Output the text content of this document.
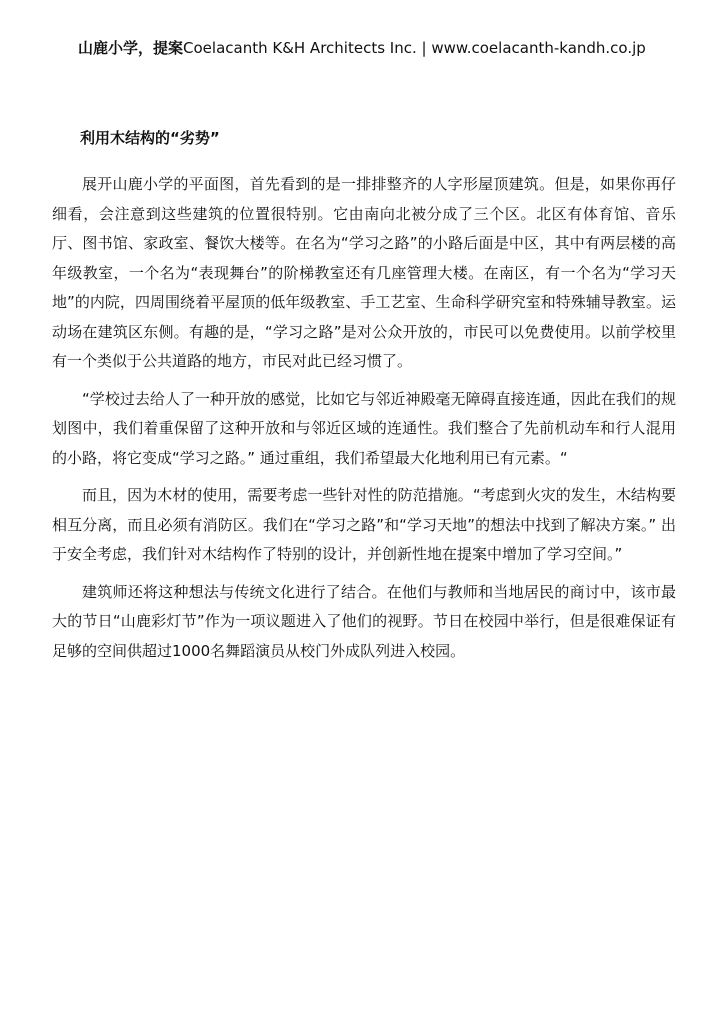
山鹿小学，提案Coelacanth K&H Architects Inc. | www.coelacanth-kandh.co.jp
利用木结构的“劣势”

展开山鹿小学的平面图，首先看到的是一排排整齐的人字形屋顶建筑。但是，如果你再仔细看，会注意到这些建筑的位置很特别。它由南向北被分成了三个区。北区有体育馆、音乐厅、图书馆、家政室、餐饮大楼等。在名为“学习之路”的小路后面是中区，其中有两层楼的高年级教室，一个名为“表现舞台”的阶梯教室还有几座管理大楼。在南区，有一个名为“学习天地”的内院，四周围绕着平屋顶的低年级教室、手工艺室、生命科学研究室和特殊辅导教室。运动场在建筑区东侧。有趣的是，“学习之路”是对公众开放的，市民可以免费使用。以前学校里有一个类似于公共道路的地方，市民对此已经习惯了。

“学校过去给人了一种开放的感觉，比如它与邻近神殿毫无障碍直接连通，因此在我们的规划图中，我们着重保留了这种开放和与邻近区域的连通性。我们整合了先前机动车和行人混用的小路，将它变成“学习之路。” 通过重组，我们希望最大化地利用已有元素。“

而且，因为木材的使用，需要考虑一些针对性的防范措施。“考虑到火灾的发生，木结构要相互分离，而且必须有消防区。我们在“学习之路”和“学习天地”的想法中找到了解决方案。” 出于安全考虑，我们针对木结构作了特别的设计，并创新性地在提案中增加了学习空间。”

建筑师还将这种想法与传统文化进行了结合。在他们与教师和当地居民的商讨中，该市最大的节日“山鹿彩灯节”作为一项议题进入了他们的视野。节日在校园中举行，但是很难保证有足够的空间供超过1000名舞蹈演员从校门外成队列进入校园。
